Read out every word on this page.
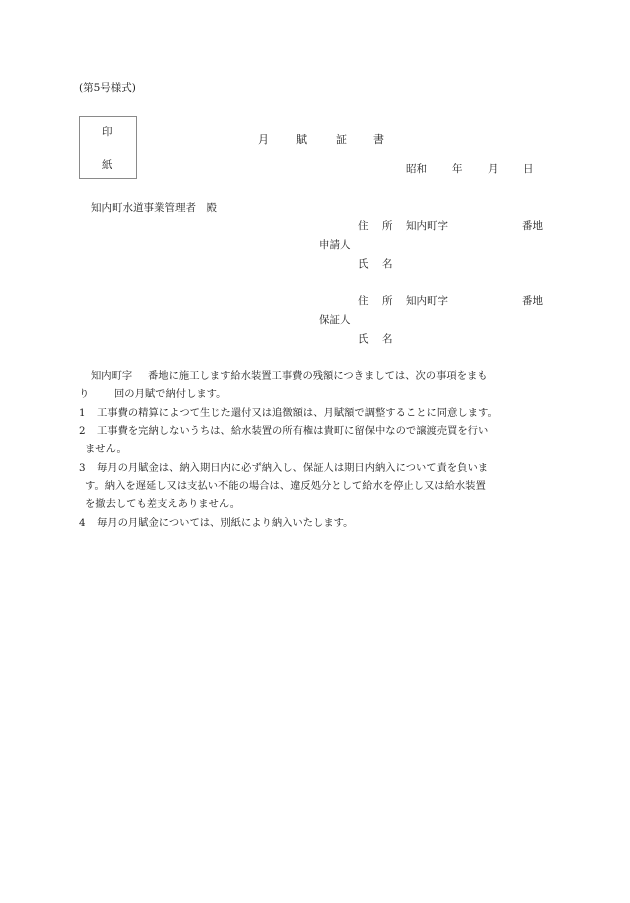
(第5号様式)
印
紙
月 賦	証 書
昭和 年 月 日
知内町水道事業管理者　殿
住 所 知内町字	番地
申請人
氏 名
住 所 知内町字	番地
保証人
氏 名
知内町字 番地に施工します給水装置工事費の残額につきましては、次の事項をまも
り 回の月賦で納付します。
1 工事費の精算によつて生じた還付又は追徴額は、月賦額で調整することに同意します。
2 工事費を完納しないうちは、給水装置の所有権は貴町に留保中なので譲渡売買を行い
ません。
3 毎月の月賦金は、納入期日内に必ず納入し、保証人は期日内納入について責を負いま
す。納入を遅延し又は支払い不能の場合は、違反処分として給水を停止し又は給水装置
を撤去しても差支えありません。
4 毎月の月賦金については、別紙により納入いたします。
